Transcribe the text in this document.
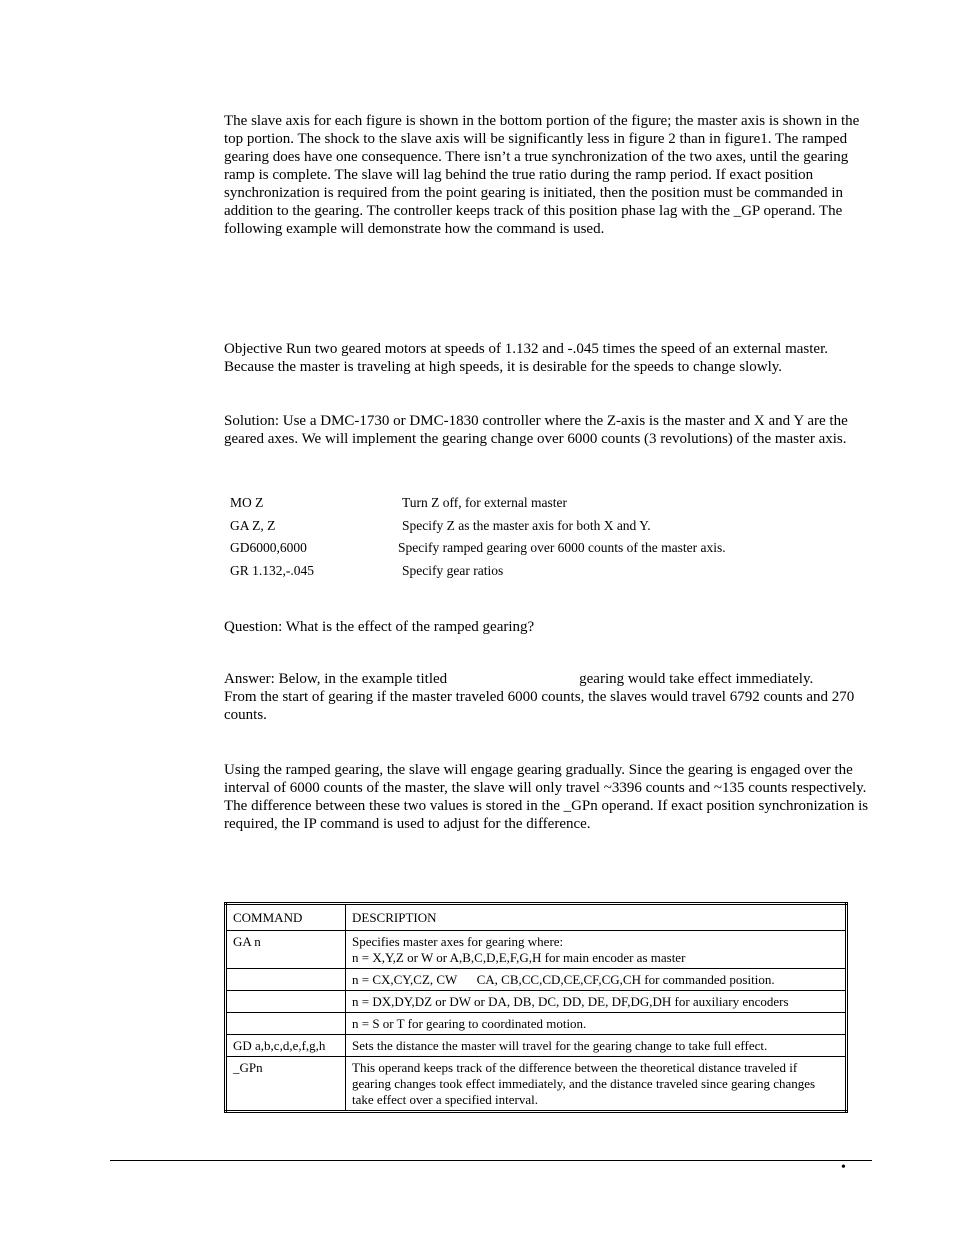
The slave axis for each figure is shown in the bottom portion of the figure; the master axis is shown in the top portion. The shock to the slave axis will be significantly less in figure 2 than in figure1. The ramped gearing does have one consequence. There isn’t a true synchronization of the two axes, until the gearing ramp is complete. The slave will lag behind the true ratio during the ramp period. If exact position synchronization is required from the point gearing is initiated, then the position must be commanded in addition to the gearing. The controller keeps track of this position phase lag with the _GP operand. The following example will demonstrate how the command is used.

Objective Run two geared motors at speeds of 1.132 and -.045 times the speed of an external master. Because the master is traveling at high speeds, it is desirable for the speeds to change slowly.

Solution: Use a DMC-1730 or DMC-1830 controller where the Z-axis is the master and X and Y are the geared axes. We will implement the gearing change over 6000 counts (3 revolutions) of the master axis.

MO Z	Turn Z off, for external master
GA Z, Z	Specify Z as the master axis for both X and Y.
GD6000,6000	Specify ramped gearing over 6000 counts of the master axis.
GR 1.132,-.045	Specify gear ratios

Question: What is the effect of the ramped gearing?

Answer: Below, in the example titled	gearing would take effect immediately.
From the start of gearing if the master traveled 6000 counts, the slaves would travel 6792 counts and 270 counts.

Using the ramped gearing, the slave will engage gearing gradually. Since the gearing is engaged over the interval of 6000 counts of the master, the slave will only travel ~3396 counts and ~135 counts respectively. The difference between these two values is stored in the _GPn operand. If exact position synchronization is required, the IP command is used to adjust for the difference.

COMMAND	DESCRIPTION
GA n	Specifies master axes for gearing where:
n = X,Y,Z or W or A,B,C,D,E,F,G,H for main encoder as master

	n = CX,CY,CZ, CW      CA, CB,CC,CD,CE,CF,CG,CH for commanded position.
	n = DX,DY,DZ or DW or DA, DB, DC, DD, DE, DF,DG,DH for auxiliary encoders
	n = S or T for gearing to coordinated motion.
GD a,b,c,d,e,f,g,h	Sets the distance the master will travel for the gearing change to take full effect.
_GPn	This operand keeps track of the difference between the theoretical distance traveled if gearing changes took effect immediately, and the distance traveled since gearing changes take effect over a specified interval.
•
